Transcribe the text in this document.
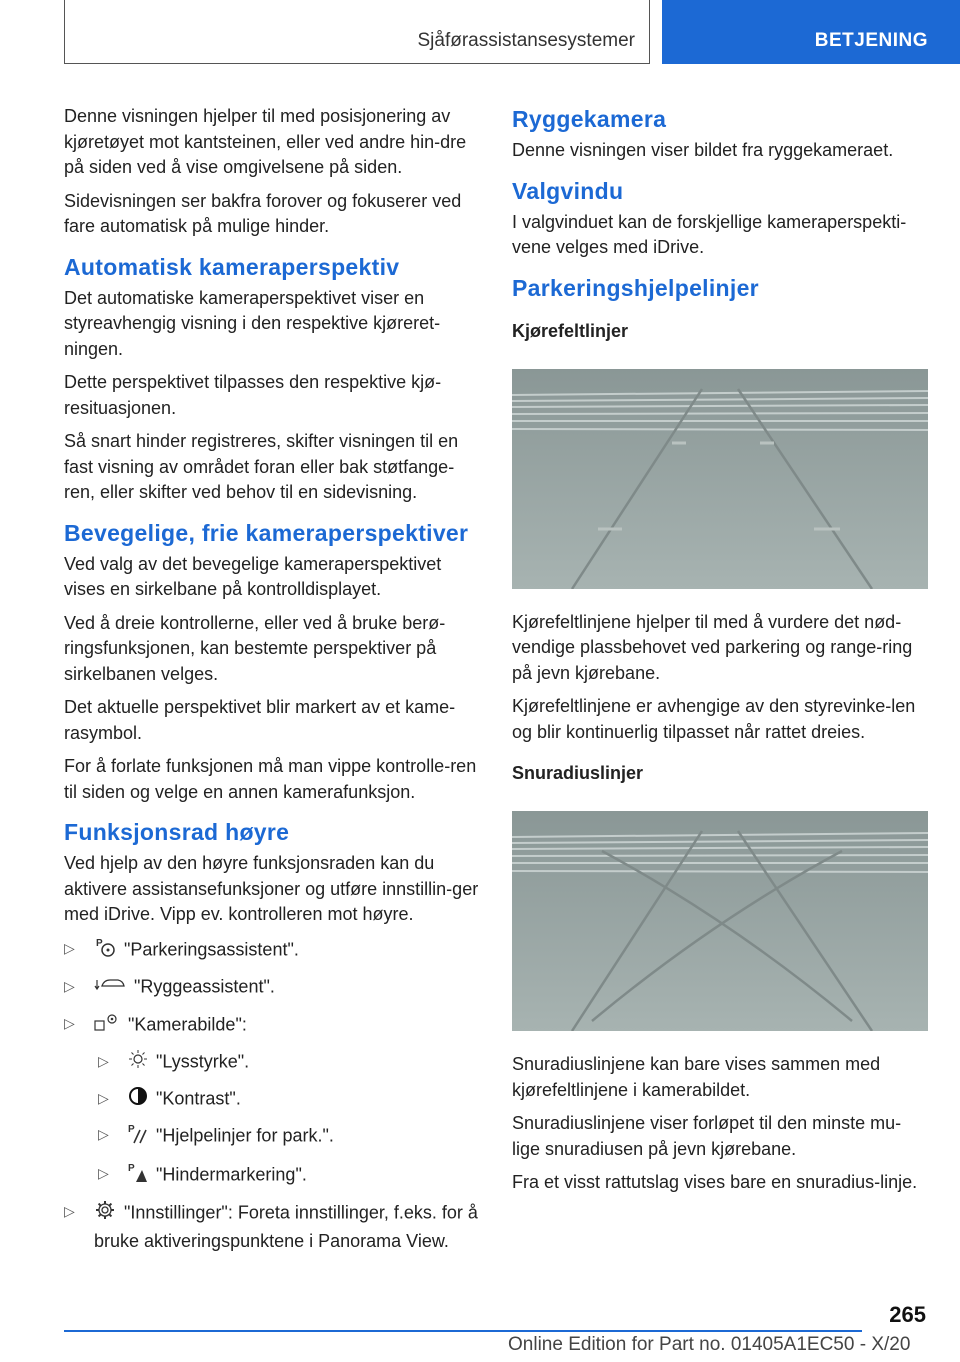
Sjåførassistansesystemer	BETJENING

Denne visningen hjelper til med posisjonering av kjøretøyet mot kantsteinen, eller ved andre hin-dre på siden ved å vise omgivelsene på siden.

Sidevisningen ser bakfra forover og fokuserer ved fare automatisk på mulige hinder.

Automatisk kameraperspektiv

Det automatiske kameraperspektivet viser en styreavhengig visning i den respektive kjøreret-ningen.

Dette perspektivet tilpasses den respektive kjø-resituasjonen.

Så snart hinder registreres, skifter visningen til en fast visning av området foran eller bak støtfange-ren, eller skifter ved behov til en sidevisning.

Bevegelige, frie kameraperspektiver

Ved valg av det bevegelige kameraperspektivet vises en sirkelbane på kontrolldisplayet.

Ved å dreie kontrollerne, eller ved å bruke berø-ringsfunksjonen, kan bestemte perspektiver på sirkelbanen velges.

Det aktuelle perspektivet blir markert av et kame-rasymbol.

For å forlate funksjonen må man vippe kontrolle-ren til siden og velge en annen kamerafunksjon.

Funksjonsrad høyre

Ved hjelp av den høyre funksjonsraden kan du aktivere assistansefunksjoner og utføre innstillin-ger med iDrive. Vipp ev. kontrolleren mot høyre.

▷ P "Parkeringsassistent".
▷	"Ryggeassistent".
▷	"Kamerabilde":
▷	"Lysstyrke".
▷	"Kontrast".
▷ P "Hjelpelinjer for park.".
▷ P "Hindermarkering".
▷	"Innstillinger": Foreta innstillinger, f.eks. for å bruke aktiveringspunktene i Panorama View.
Ryggekamera

Denne visningen viser bildet fra ryggekameraet.

Valgvindu

I valgvinduet kan de forskjellige kameraperspekti-vene velges med iDrive.

Parkeringshjelpelinjer
Kjørefeltlinjer

Kjørefeltlinjene hjelper til med å vurdere det nød-vendige plassbehovet ved parkering og range-ring på jevn kjørebane.

Kjørefeltlinjene er avhengige av den styrevinke-len og blir kontinuerlig tilpasset når rattet dreies.

Snuradiuslinjer

Snuradiuslinjene kan bare vises sammen med kjørefeltlinjene i kamerabildet.

Snuradiuslinjene viser forløpet til den minste mu-lige snuradiusen på jevn kjørebane.

Fra et visst rattutslag vises bare en snuradius-linje.

265
Online Edition for Part no. 01405A1EC50 - X/20
